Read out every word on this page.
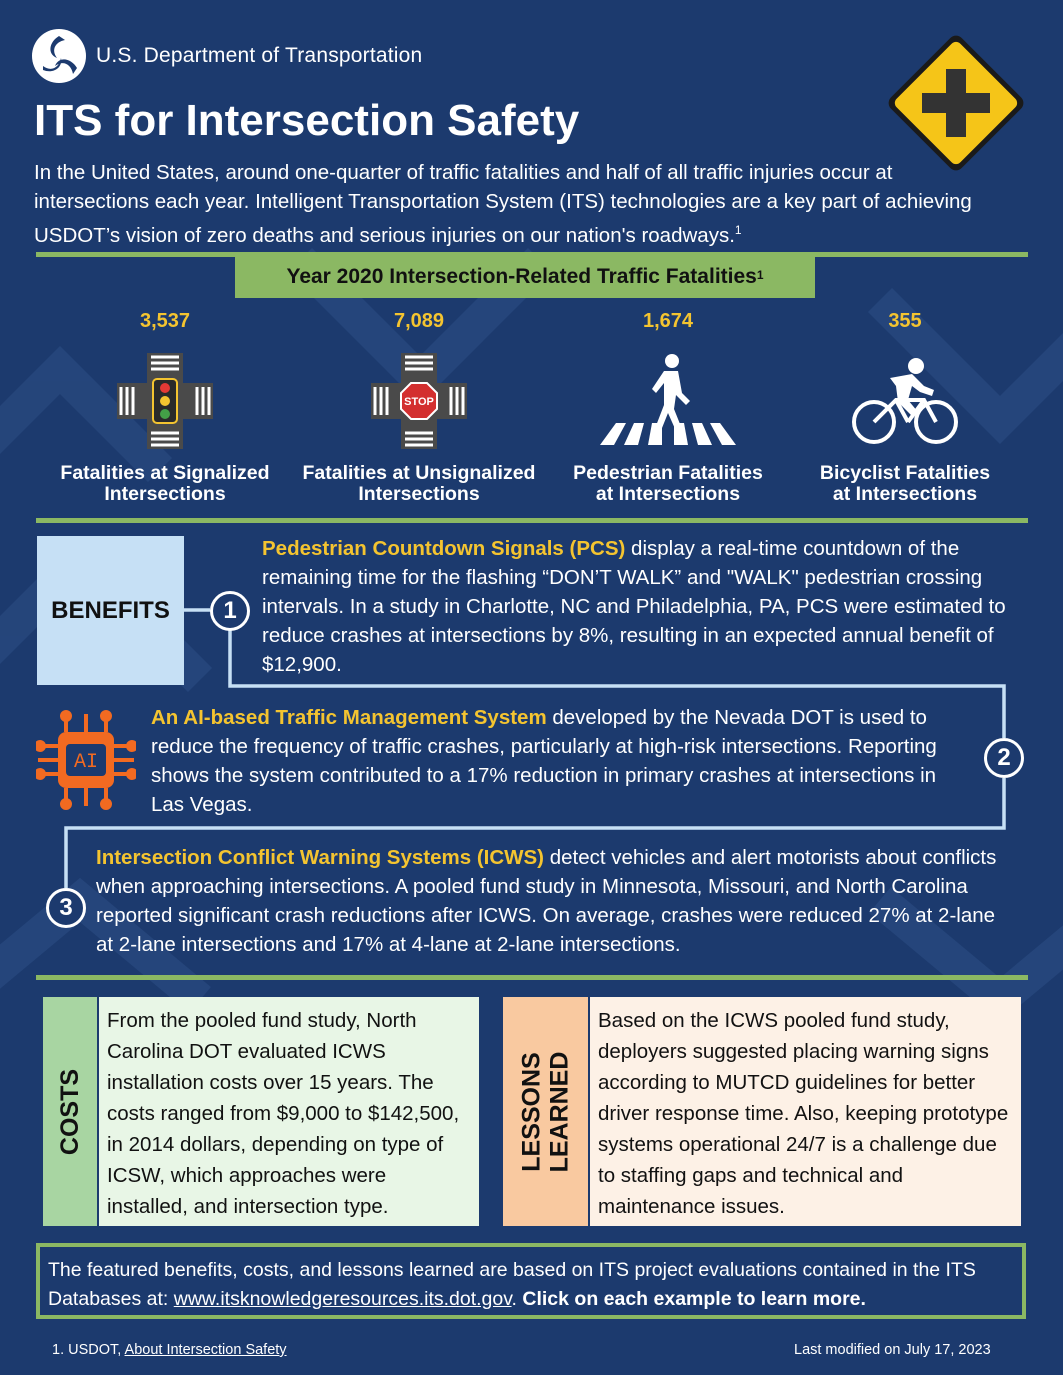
U.S. Department of Transportation
ITS for Intersection Safety
In the United States, around one-quarter of traffic fatalities and half of all traffic injuries occur at intersections each year. Intelligent Transportation System (ITS) technologies are a key part of achieving USDOT’s vision of zero deaths and serious injuries on our nation's roadways.$^1$
Year 2020 Intersection-Related Traffic Fatalities$^1$
3,537
Fatalities at Signalized
Intersections
7,089
STOP
Fatalities at Unsignalized
Intersections
1,674
Pedestrian Fatalities
at Intersections
355
Bicyclist Fatalities
at Intersections
BENEFITS	1
Pedestrian Countdown Signals (PCS) display a real-time countdown of the remaining time for the flashing “DON’T WALK” and "WALK" pedestrian crossing intervals. In a study in Charlotte, NC and Philadelphia, PA, PCS were estimated to reduce crashes at intersections by 8%, resulting in an expected annual benefit of $12,900.
AI
An AI-based Traffic Management System developed by the Nevada DOT is used to reduce the frequency of traffic crashes, particularly at high-risk intersections. Reporting shows the system contributed to a 17% reduction in primary crashes at intersections in Las Vegas.
2
3
Intersection Conflict Warning Systems (ICWS) detect vehicles and alert motorists about conflicts when approaching intersections. A pooled fund study in Minnesota, Missouri, and North Carolina reported significant crash reductions after ICWS. On average, crashes were reduced 27% at 2-lane at 2-lane intersections and 17% at 4-lane at 2-lane intersections.
COSTS
From the pooled fund study, North Carolina DOT evaluated ICWS installation costs over 15 years. The costs ranged from $9,000 to $142,500, in 2014 dollars, depending on type of ICSW, which approaches were installed, and intersection type.
LESSONS
LEARNED
Based on the ICWS pooled fund study, deployers suggested placing warning signs according to MUTCD guidelines for better driver response time. Also, keeping prototype systems operational 24/7 is a challenge due to staffing gaps and technical and maintenance issues.
The featured benefits, costs, and lessons learned are based on ITS project evaluations contained in the ITS Databases at: www.itsknowledgeresources.its.dot.gov. Click on each example to learn more.
1. USDOT, About Intersection Safety	Last modified on July 17, 2023
